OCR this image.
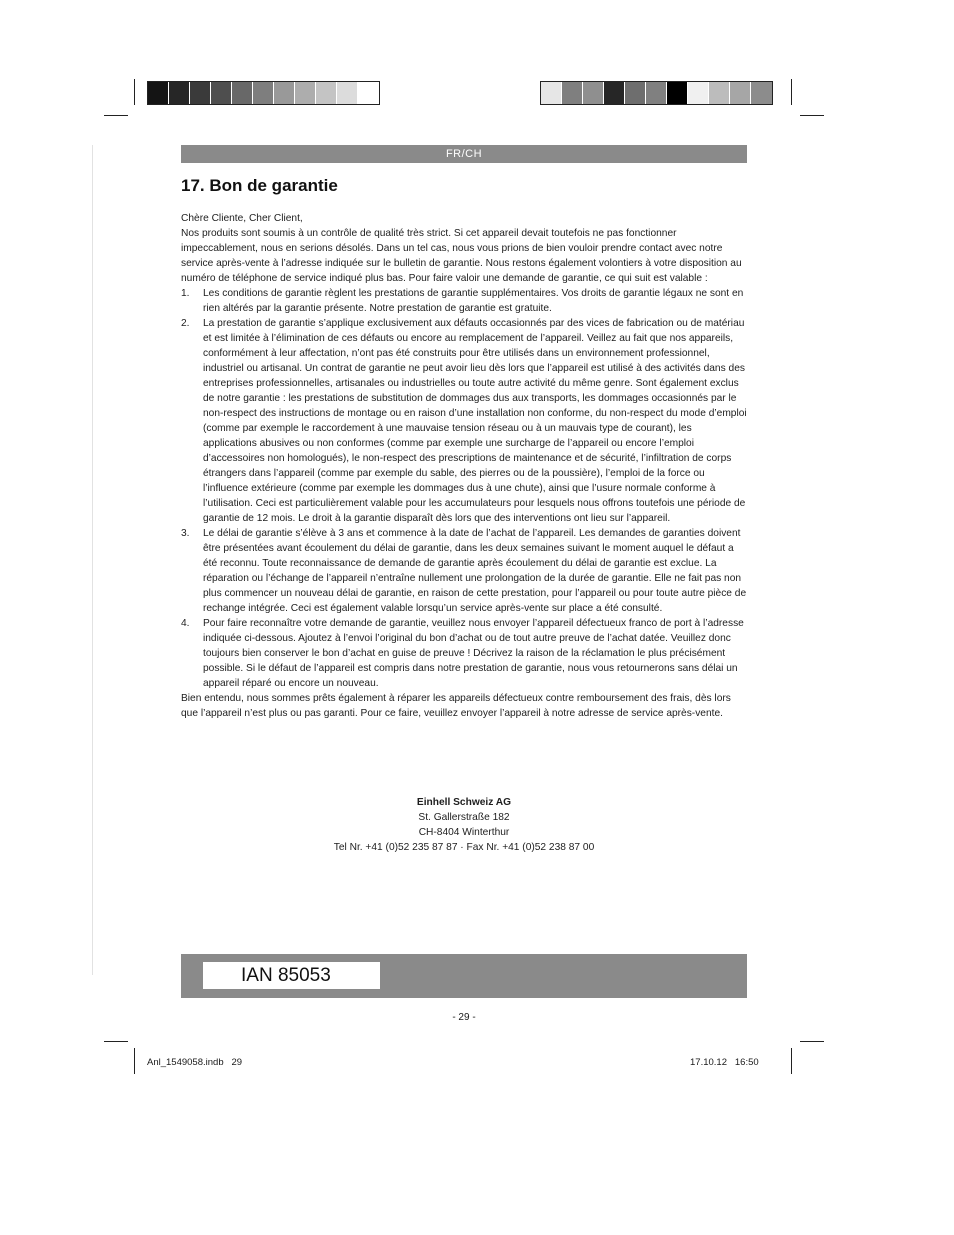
FR/CH
17. Bon de garantie

Chère Cliente, Cher Client,

Nos produits sont soumis à un contrôle de qualité très strict. Si cet appareil devait toutefois ne pas fonctionner impeccablement, nous en serions désolés. Dans un tel cas, nous vous prions de bien vouloir prendre contact avec notre service après-vente à l’adresse indiquée sur le bulletin de garantie. Nous restons également volontiers à votre disposition au numéro de téléphone de service indiqué plus bas. Pour faire valoir une demande de garantie, ce qui suit est valable :

1. Les conditions de garantie règlent les prestations de garantie supplémentaires. Vos droits de garantie légaux ne sont en rien altérés par la garantie présente. Notre prestation de garantie est gratuite.
2. La prestation de garantie s’applique exclusivement aux défauts occasionnés par des vices de fabrication ou de matériau et est limitée à l’élimination de ces défauts ou encore au remplacement de l’appareil. Veillez au fait que nos appareils, conformément à leur affectation, n’ont pas été construits pour être utilisés dans un environnement professionnel, industriel ou artisanal. Un contrat de garantie ne peut avoir lieu dès lors que l’appareil est utilisé à des activités dans des entreprises professionnelles, artisanales ou industrielles ou toute autre activité du même genre. Sont également exclus de notre garantie : les prestations de substitution de dommages dus aux transports, les dommages occasionnés par le non-respect des instructions de montage ou en raison d’une installation non conforme, du non-respect du mode d’emploi (comme par exemple le raccordement à une mauvaise tension réseau ou à un mauvais type de courant), les applications abusives ou non conformes (comme par exemple une surcharge de l’appareil ou encore l’emploi d’accessoires non homologués), le non-respect des prescriptions de maintenance et de sécurité, l’infiltration de corps étrangers dans l’appareil (comme par exemple du sable, des pierres ou de la poussière), l’emploi de la force ou l’influence extérieure (comme par exemple les dommages dus à une chute), ainsi que l’usure normale conforme à l’utilisation. Ceci est particulièrement valable pour les accumulateurs pour lesquels nous offrons toutefois une période de garantie de 12 mois. Le droit à la garantie disparaît dès lors que des interventions ont lieu sur l’appareil.
3. Le délai de garantie s’élève à 3 ans et commence à la date de l’achat de l’appareil. Les demandes de garanties doivent être présentées avant écoulement du délai de garantie, dans les deux semaines suivant le moment auquel le défaut a été reconnu. Toute reconnaissance de demande de garantie après écoulement du délai de garantie est exclue. La réparation ou l’échange de l’appareil n’entraîne nullement une prolongation de la durée de garantie. Elle ne fait pas non plus commencer un nouveau délai de garantie, en raison de cette prestation, pour l’appareil ou pour toute autre pièce de rechange intégrée. Ceci est également valable lorsqu’un service après-vente sur place a été consulté.
4. Pour faire reconnaître votre demande de garantie, veuillez nous envoyer l’appareil défectueux franco de port à l’adresse indiquée ci-dessous. Ajoutez à l’envoi l’original du bon d’achat ou de tout autre preuve de l’achat datée. Veuillez donc toujours bien conserver le bon d’achat en guise de preuve ! Décrivez la raison de la réclamation le plus précisément possible. Si le défaut de l’appareil est compris dans notre prestation de garantie, nous vous retournerons sans délai un appareil réparé ou encore un nouveau.

Bien entendu, nous sommes prêts également à réparer les appareils défectueux contre remboursement des frais, dès lors que l’appareil n’est plus ou pas garanti. Pour ce faire, veuillez envoyer l’appareil à notre adresse de service après-vente.

Einhell Schweiz AG
St. Gallerstraße 182
CH-8404 Winterthur
Tel Nr. +41 (0)52 235 87 87 · Fax Nr. +41 (0)52 238 87 00
IAN 85053
- 29 -
Anl_1549058.indb   29	17.10.12   16:50
